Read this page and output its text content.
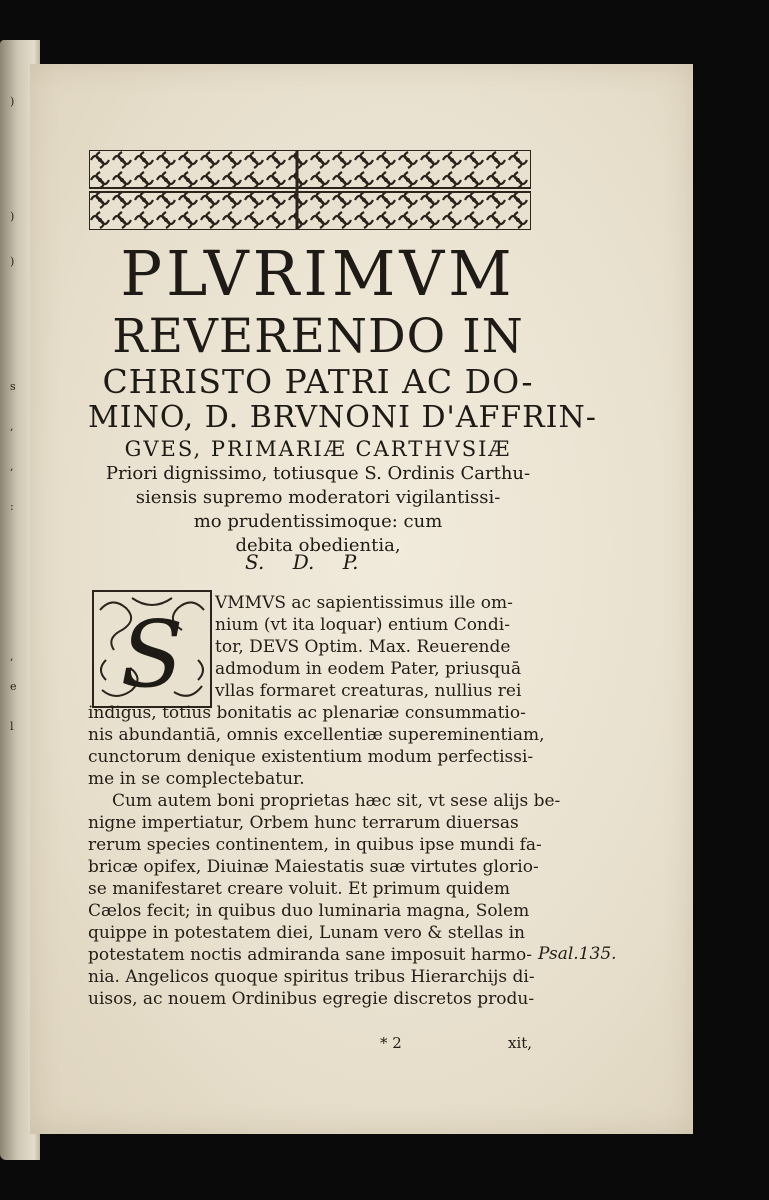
)
)
)
s
,
,
:
,
e
l
PLVRIMVM
REVERENDO IN
CHRISTO PATRI AC DO-
MINO, D. BRVNONI D'AFFRIN-
GVES, PRIMARIÆ CARTHVSIÆ
Priori dignissimo, totiusque S. Ordinis Carthu-
siensis supremo moderatori vigilantissi-
mo prudentissimoque: cum
debita obedientia,
S. D. P.
S	VMMVS ac sapientissimus ille om-
nium (vt ita loquar) entium Condi-
tor, DEVS Optim. Max. Reuerende
admodum in eodem Pater, priusquā
vllas formaret creaturas, nullius rei
indigus, totius bonitatis ac plenariæ consummatio-
nis abundantiā, omnis excellentiæ supereminentiam,
cunctorum denique existentium modum perfectissi-
me in se complectebatur.
Cum autem boni proprietas hæc sit, vt sese alijs be-
nigne impertiatur, Orbem hunc terrarum diuersas
rerum species continentem, in quibus ipse mundi fa-
bricæ opifex, Diuinæ Maiestatis suæ virtutes glorio-
se manifestaret creare voluit. Et primum quidem
Cælos fecit; in quibus duo luminaria magna, Solem
quippe in potestatem diei, Lunam vero & stellas in
potestatem noctis admiranda sane imposuit harmo-
nia. Angelicos quoque spiritus tribus Hierarchijs di-
uisos, ac nouem Ordinibus egregie discretos produ-
Psal.135.
* 2	xit,
